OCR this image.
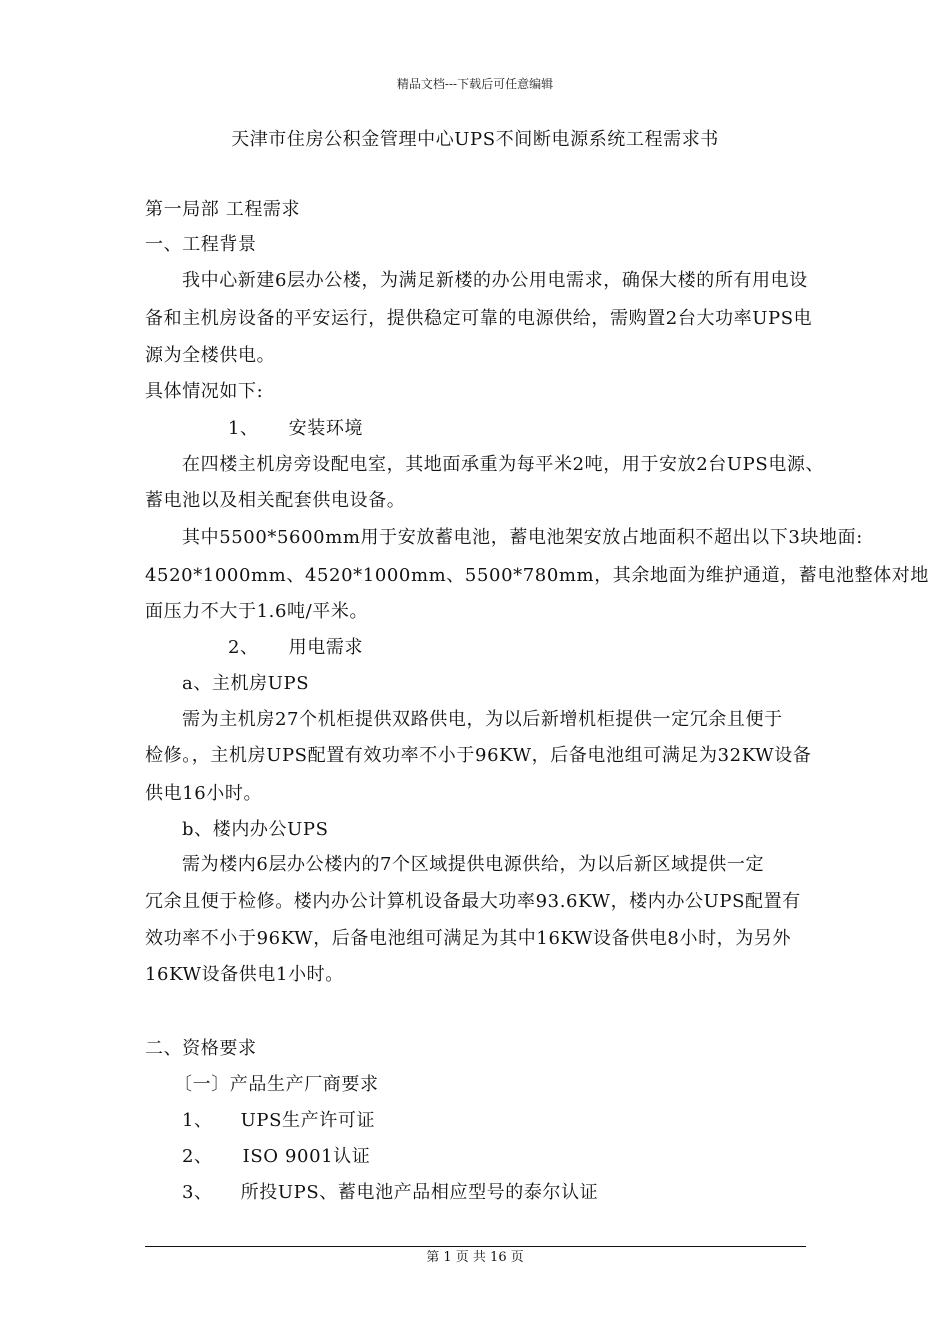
精品文档---下载后可任意编辑
天津市住房公积金管理中心UPS不间断电源系统工程需求书
第一局部 工程需求
一、工程背景
我中心新建6层办公楼，为满足新楼的办公用电需求，确保大楼的所有用电设
备和主机房设备的平安运行，提供稳定可靠的电源供给，需购置2台大功率UPS电
源为全楼供电。
具体情况如下:
1、 安装环境
在四楼主机房旁设配电室，其地面承重为每平米2吨，用于安放2台UPS电源、
蓄电池以及相关配套供电设备。
其中5500*5600mm用于安放蓄电池，蓄电池架安放占地面积不超出以下3块地面:
4520*1000mm、4520*1000mm、5500*780mm，其余地面为维护通道，蓄电池整体对地
面压力不大于1.6吨/平米。
2、 用电需求
a、主机房UPS
需为主机房27个机柜提供双路供电，为以后新增机柜提供一定冗余且便于
检修。，主机房UPS配置有效功率不小于96KW，后备电池组可满足为32KW设备
供电16小时。
b、楼内办公UPS
需为楼内6层办公楼内的7个区域提供电源供给，为以后新区域提供一定
冗余且便于检修。楼内办公计算机设备最大功率93.6KW，楼内办公UPS配置有
效功率不小于96KW，后备电池组可满足为其中16KW设备供电8小时，为另外
16KW设备供电1小时。
二、资格要求
〔一〕产品生产厂商要求
1、 UPS生产许可证
2、 ISO 9001认证
3、 所投UPS、蓄电池产品相应型号的泰尔认证
第 1 页 共 16 页
